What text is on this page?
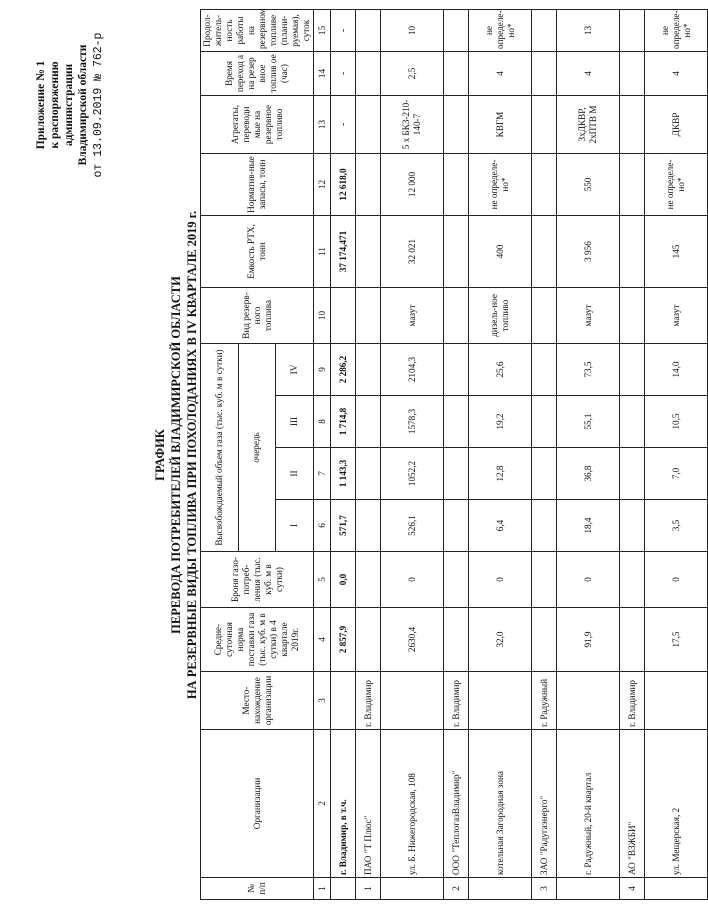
Приложение № 1 к распоряжению администрации Владимирской области от 13.09.2019 № 762-р
ГРАФИК ПЕРЕВОДА ПОТРЕБИТЕЛЕЙ ВЛАДИМИРСКОЙ ОБЛАСТИ НА РЕЗЕРВНЫЕ ВИДЫ ТОПЛИВА ПРИ ПОХОЛОДАНИЯХ В IV КВАРТАЛЕ 2019 г.
№ п/п	Организации	Место-нахождение организации	Средне-суточная норма поставки газа (тыс. куб. м в сутки) в 4 квартале 2019г.	Броня газо-потреб-ления (тыс. куб. м в сутки)	Высвобождаемый объем газа (тыс. куб. м в сутки)				Вид резерв-ного топлива	Емкость РТХ, тонн	Норматив-ные запасы, тонн	Агрегаты, переводи мые на резервное топливо	Время переход а на резер вное топлив ое (час)	Продол-житель-ность работы на резервном топливе (плани-руемая), суток
					очередь									
					I	II	III	IV						
1	2	3	4	5	6	7	8	9	10	11	12	13	14	15
	г. Владимир, в т.ч.		2 857,9	0,0	571,7	1 143,3	1 714,8	2 286,2		37 174,471	12 618,0	-	-	-
1	ПАО "Т Плюс"	г. Владимир												
	ул. Б. Нижегородская, 108		2630,4	0	526,1	1052,2	1578,3	2104,3	мазут	32 021	12 000	5 х БКЗ-210-140-7	2,5	10
2	ООО "ТеплогазВладимир"	г. Владимир												
	котельная Загородная зона		32,0	0	6,4	12,8	19,2	25,6	дизель-ное топливо	400	не определе-но*	КВГМ	4	не определе-но*
3	ЗАО "Радугаэнерго"	г. Радужный												
	г. Радужный, 20-й квартал		91,9	0	18,4	36,8	55,1	73,5	мазут	3 956	550	3хДКВР, 2хПТВ М	4	13
4	АО "ВЗЖБИ"	г. Владимир												
	ул. Мещерская, 2		17,5	0	3,5	7,0	10,5	14,0	мазут	145	не определе-но*	ДКВР	4	не определе-но*
